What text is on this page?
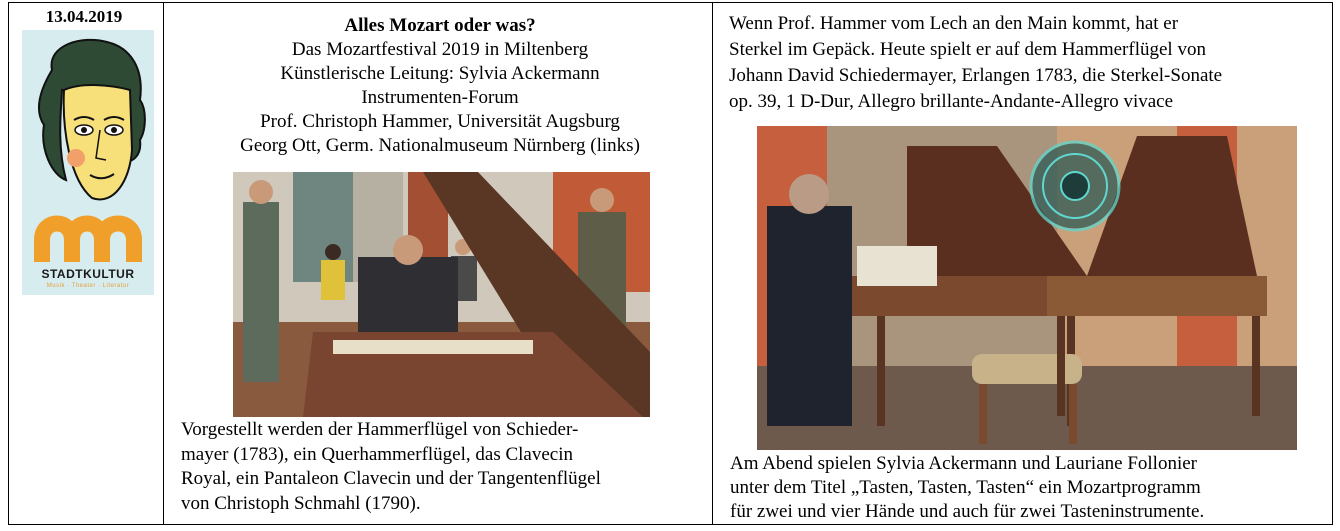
13.04.2019
STADTKULTUR
Musik · Theater · Literatur
Alles Mozart oder was?
Das Mozartfestival 2019 in Miltenberg
Künstlerische Leitung: Sylvia Ackermann
Instrumenten-Forum
Prof. Christoph Hammer, Universität Augsburg
Georg Ott, Germ. Nationalmuseum Nürnberg (links)
Vorgestellt werden der Hammerflügel von Schieder-
mayer (1783), ein Querhammerflügel, das Clavecin
Royal, ein Pantaleon Clavecin und der Tangentenflügel
von Christoph Schmahl (1790).
Wenn Prof. Hammer vom Lech an den Main kommt, hat er
Sterkel im Gepäck. Heute spielt er auf dem Hammerflügel von
Johann David Schiedermayer, Erlangen 1783, die Sterkel-Sonate
op. 39, 1 D-Dur, Allegro brillante-Andante-Allegro vivace
Am Abend spielen Sylvia Ackermann und Lauriane Follonier
unter dem Titel „Tasten, Tasten, Tasten“ ein Mozartprogramm
für zwei und vier Hände und auch für zwei Tasteninstrumente.
